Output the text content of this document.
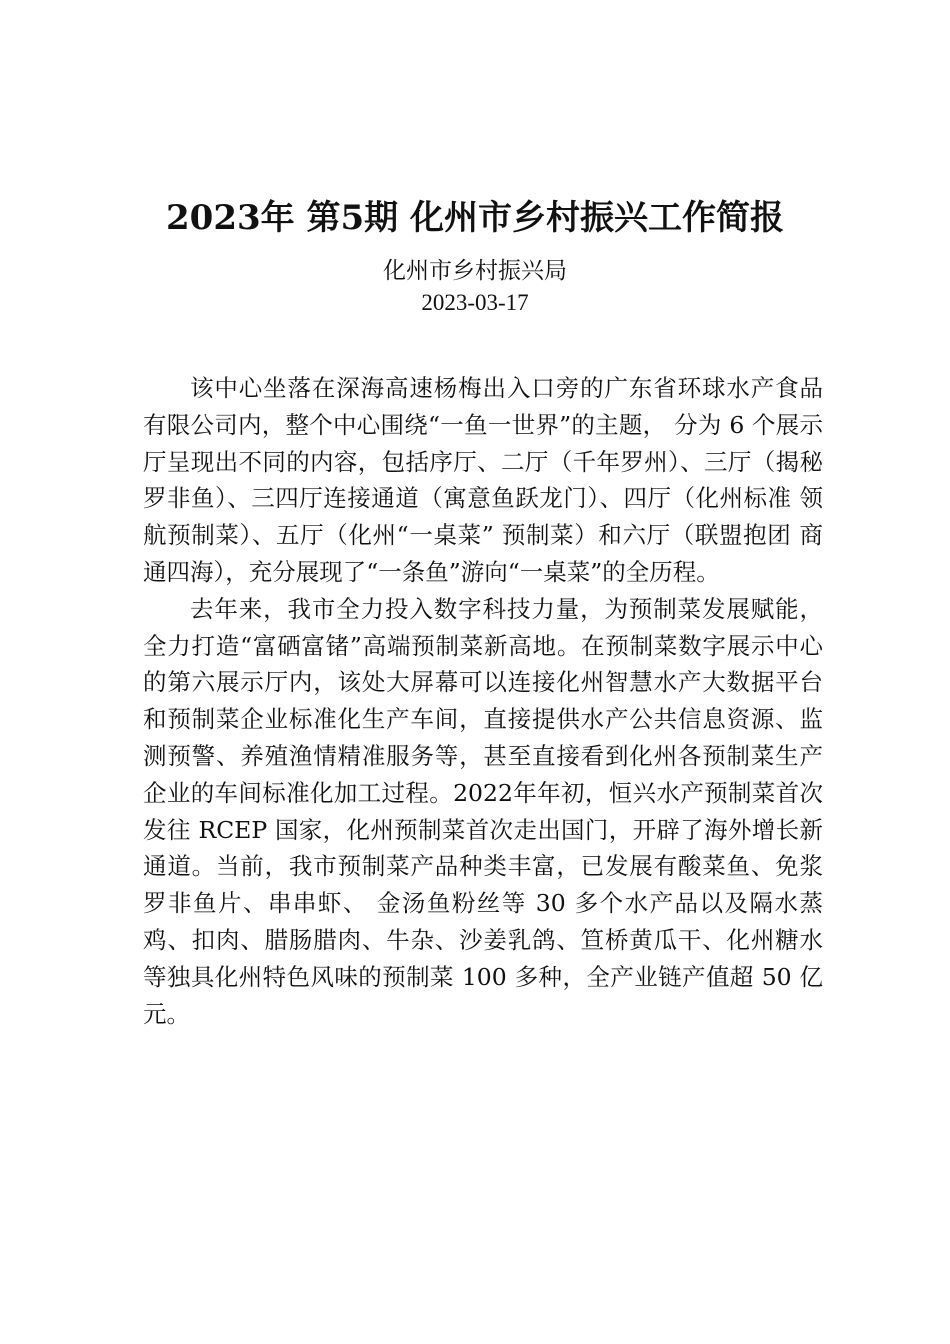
2023年 第5期 化州市乡村振兴工作简报
化州市乡村振兴局
2023-03-17

该中心坐落在深海高速杨梅出入口旁的广东省环球水产食品有限公司内，整个中心围绕“一鱼一世界”的主题， 分为 6 个展示厅呈现出不同的内容，包括序厅、二厅（千年罗州）、三厅（揭秘罗非鱼）、三四厅连接通道（寓意鱼跃龙门）、四厅（化州标准 领航预制菜）、五厅（化州“一桌菜” 预制菜）和六厅（联盟抱团 商通四海），充分展现了“一条鱼”游向“一桌菜”的全历程。

去年来，我市全力投入数字科技力量，为预制菜发展赋能，全力打造“富硒富锗”高端预制菜新高地。在预制菜数字展示中心的第六展示厅内，该处大屏幕可以连接化州智慧水产大数据平台和预制菜企业标准化生产车间，直接提供水产公共信息资源、监测预警、养殖渔情精准服务等，甚至直接看到化州各预制菜生产企业的车间标准化加工过程。2022年年初，恒兴水产预制菜首次发往 RCEP 国家，化州预制菜首次走出国门，开辟了海外增长新通道。当前，我市预制菜产品种类丰富，已发展有酸菜鱼、免浆罗非鱼片、串串虾、 金汤鱼粉丝等 30 多个水产品以及隔水蒸鸡、扣肉、腊肠腊肉、牛杂、沙姜乳鸽、笪桥黄瓜干、化州糖水等独具化州特色风味的预制菜 100 多种，全产业链产值超 50 亿元。
